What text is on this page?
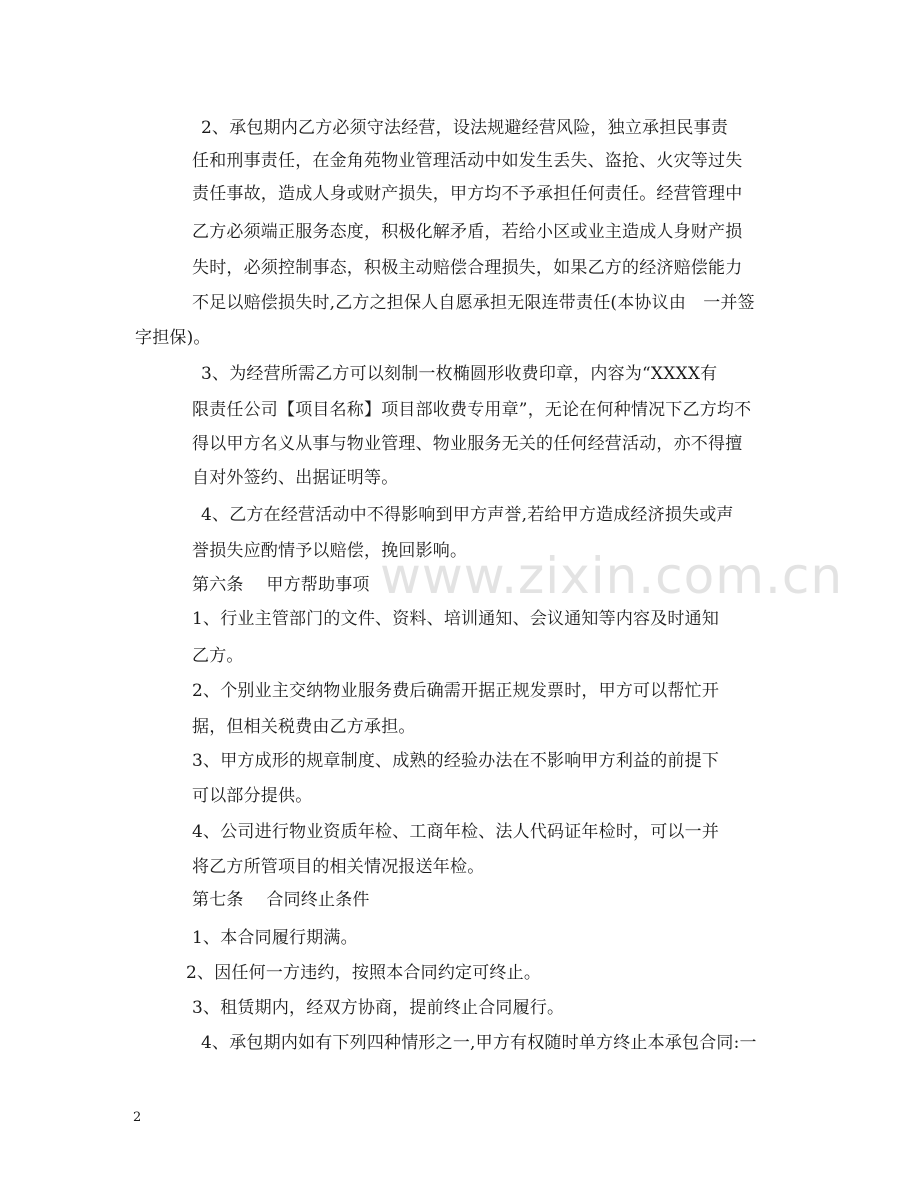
www.zixin.com.cn
2、承包期内乙方必须守法经营，设法规避经营风险，独立承担民事责
任和刑事责任，在金角苑物业管理活动中如发生丢失、盗抢、火灾等过失
责任事故，造成人身或财产损失，甲方均不予承担任何责任。经营管理中
乙方必须端正服务态度，积极化解矛盾，若给小区或业主造成人身财产损
失时，必须控制事态，积极主动赔偿合理损失，如果乙方的经济赔偿能力
不足以赔偿损失时,乙方之担保人自愿承担无限连带责任(本协议由　一并签
字担保)。
3、为经营所需乙方可以刻制一枚椭圆形收费印章，内容为“XXXX有
限责任公司【项目名称】项目部收费专用章”，无论在何种情况下乙方均不
得以甲方名义从事与物业管理、物业服务无关的任何经营活动，亦不得擅
自对外签约、出据证明等。
4、乙方在经营活动中不得影响到甲方声誉,若给甲方造成经济损失或声
誉损失应酌情予以赔偿，挽回影响。
第六条　 甲方帮助事项
1、行业主管部门的文件、资料、培训通知、会议通知等内容及时通知
乙方。
2、个别业主交纳物业服务费后确需开据正规发票时，甲方可以帮忙开
据，但相关税费由乙方承担。
3、甲方成形的规章制度、成熟的经验办法在不影响甲方利益的前提下
可以部分提供。
4、公司进行物业资质年检、工商年检、法人代码证年检时，可以一并
将乙方所管项目的相关情况报送年检。
第七条　 合同终止条件
1、本合同履行期满。
2、因任何一方违约，按照本合同约定可终止。
3、租赁期内，经双方协商，提前终止合同履行。
4、承包期内如有下列四种情形之一,甲方有权随时单方终止本承包合同:一
2
